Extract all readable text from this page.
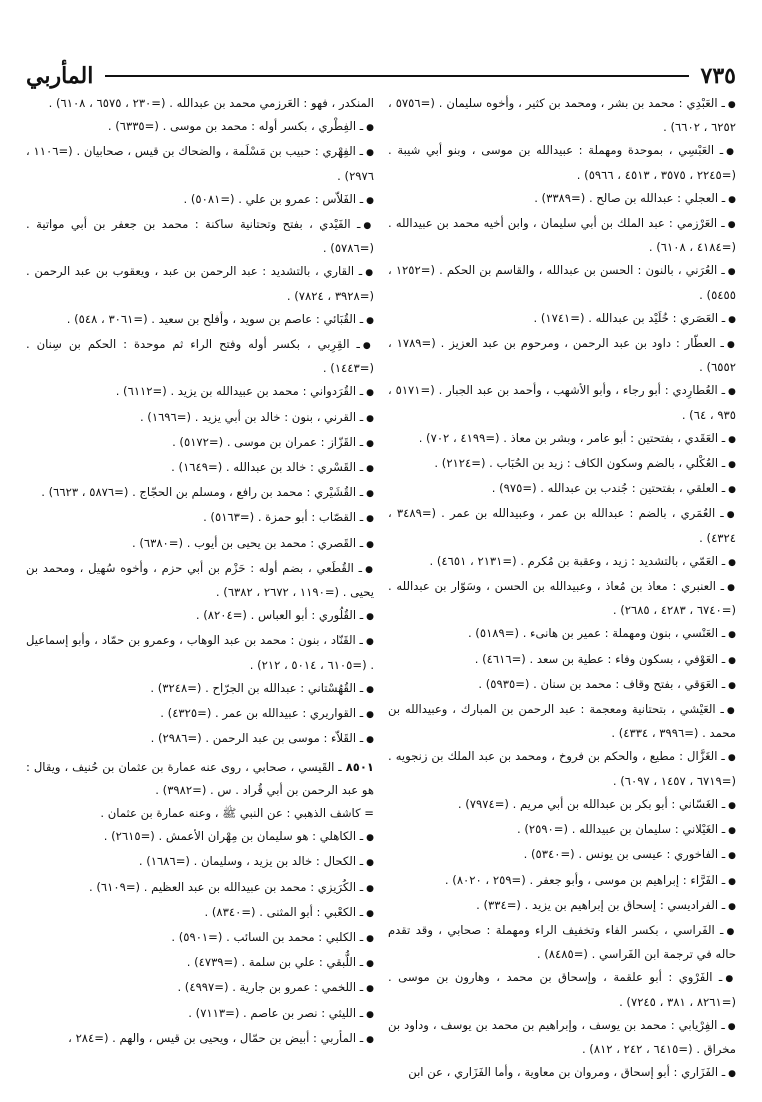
٧٣٥
المأربي
●ـ العَبْدِي : محمد بن بشر ، ومحمد بن كثير ، وأخوه سليمان . (=٥٧٥٦ ، ٦٢٥٢ ، ٦٦٠٢) .
●ـ العَبْسِي ، بموحدة ومهملة : عبيدالله بن موسى ، وبنو أبي شيبة . (=٢٢٤٥ ، ٣٥٧٥ ، ٤٥١٣ ، ٥٩٦٦) .
●ـ العجلي : عبدالله بن صالح . (=٣٣٨٩) .
●ـ العَرْزمي : عبد الملك بن أبي سليمان ، وابن أخيه محمد بن عبيدالله . (=٤١٨٤ ، ٦١٠٨) .
●ـ العُرَني ، بالنون : الحسن بن عبدالله ، والقاسم بن الحكم . (=١٢٥٢ ، ٥٤٥٥) .
●ـ العَصَري : خُلَيْد بن عبدالله . (=١٧٤١) .
●ـ العطّار : داود بن عبد الرحمن ، ومرحوم بن عبد العزيز . (=١٧٨٩ ، ٦٥٥٢) .
●ـ العُطارِدي : أبو رجاء ، وأبو الأشهب ، وأحمد بن عبد الجبار . (=٥١٧١ ، ٩٣٥ ، ٦٤) .
●ـ العَقَدي ، بفتحتين : أبو عامر ، وبشر بن معاذ . (=٤١٩٩ ، ٧٠٢) .
●ـ العُكْلي ، بالضم وسكون الكاف : زيد بن الحُبَاب . (=٢١٢٤) .
●ـ العلقي ، بفتحتين : جُندب بن عبدالله . (=٩٧٥) .
●ـ العُمَري ، بالضم : عبدالله بن عمر ، وعبيدالله بن عمر . (=٣٤٨٩ ، ٤٣٢٤) .
●ـ العَمّي ، بالتشديد : زيد ، وعقبة بن مُكرم . (=٢١٣١ ، ٤٦٥١) .
●ـ العنبري : معاذ بن مُعاذ ، وعبيدالله بن الحسن ، وسَوّار بن عبدالله . (=٦٧٤٠ ، ٤٢٨٣ ، ٢٦٨٥) .
●ـ العَنْسي ، بنون ومهملة : عمير بن هانىء . (=٥١٨٩) .
●ـ العَوْفي ، بسكون وفاء : عطية بن سعد . (=٤٦١٦) .
●ـ العَوَقي ، بفتح وقاف : محمد بن سنان . (=٥٩٣٥) .
●ـ العَيْشي ، بتحتانية ومعجمة : عبد الرحمن بن المبارك ، وعبيدالله بن محمد . (=٣٩٩٦ ، ٤٣٣٤) .
●ـ الغَزَّال : مطيع ، والحكم بن فروخ ، ومحمد بن عبد الملك بن زنجويه . (=٦٧١٩ ، ١٤٥٧ ، ٦٠٩٧) .
●ـ الغَسّاني : أبو بكر بن عبدالله بن أبي مريم . (=٧٩٧٤) .
●ـ الغَيْلاني : سليمان بن عبيدالله . (=٢٥٩٠) .
●ـ الفاخوري : عيسى بن يونس . (=٥٣٤٠) .
●ـ الفَرَّاء : إبراهيم بن موسى ، وأبو جعفر . (=٢٥٩ ، ٨٠٢٠) .
●ـ الفراديسي : إسحاق بن إبراهيم بن يزيد . (=٣٣٤) .
●ـ الفَراسي ، بكسر الفاء وتخفيف الراء ومهملة : صحابي ، وقد تقدم حاله في ترجمة ابن الفَراسي . (=٨٤٨٥) .
●ـ الفَرْوي : أبو علقمة ، وإسحاق بن محمد ، وهارون بن موسى . (=٨٢٦١ ، ٣٨١ ، ٧٢٤٥) .
●ـ الفِرْيابي : محمد بن يوسف ، وإبراهيم بن محمد بن يوسف ، وداود بن مخراق . (=٦٤١٥ ، ٢٤٢ ، ٨١٢) .
●ـ الفَزَاري : أبو إسحاق ، ومروان بن معاوية ، وأما الفَزَاري ، عن ابن
المنكدر ، فهو : العَرزمي محمد بن عبدالله . (=٢٣٠ ، ٦٥٧٥ ، ٦١٠٨) .
●ـ الفِطْري ، بكسر أوله : محمد بن موسى . (=٦٣٣٥) .
●ـ الفِهْري : حبيب بن مَسْلَمة ، والضحاك بن قيس ، صحابيان . (=١١٠٦ ، ٢٩٧٦) .
●ـ الفَلاّس : عمرو بن علي . (=٥٠٨١) .
●ـ الفَيْدي ، بفتح وتحتانية ساكنة : محمد بن جعفر بن أبي مواتية . (=٥٧٨٦) .
●ـ القاري ، بالتشديد : عبد الرحمن بن عبد ، ويعقوب بن عبد الرحمن . (=٣٩٢٨ ، ٧٨٢٤) .
●ـ القُبَائي : عاصم بن سويد ، وأفلح بن سعيد . (=٣٠٦١ ، ٥٤٨) .
●ـ القِرِبي ، بكسر أوله وفتح الراء ثم موحدة : الحكم بن سِنان . (=١٤٤٣) .
●ـ القُرَدواني : محمد بن عبيدالله بن يزيد . (=٦١١٢) .
●ـ القرني ، بنون : خالد بن أبي يزيد . (=١٦٩٦) .
●ـ القَزّاز : عمران بن موسى . (=٥١٧٢) .
●ـ القَسْري : خالد بن عبدالله . (=١٦٤٩) .
●ـ القُشَيْري : محمد بن رافع ، ومسلم بن الحجّاج . (=٥٨٧٦ ، ٦٦٢٣) .
●ـ القصّاب : أبو حمزة . (=٥١٦٣) .
●ـ القَصري : محمد بن يحيى بن أيوب . (=٦٣٨٠) .
●ـ القُطَعي ، بضم أوله : حَزْم بن أبي حزم ، وأخوه سُهيل ، ومحمد بن يحيى . (=١١٩٠ ، ٢٦٧٢ ، ٦٣٨٢) .
●ـ القُلُوري : أبو العباس . (=٨٢٠٤) .
●ـ القَنّاد ، بنون : محمد بن عبد الوهاب ، وعمرو بن حمّاد ، وأبو إسماعيل . (=٦١٠٥ ، ٥٠١٤ ، ٢١٢) .
●ـ القُهُسْتاني : عبدالله بن الجرّاح . (=٣٢٤٨) .
●ـ القواريري : عبيدالله بن عمر . (=٤٣٢٥) .
●ـ القَلاّء : موسى بن عبد الرحمن . (=٢٩٨٦) .
٨٥٠١ـ القَيسي ، صحابي ، روى عنه عمارة بن عثمان بن حُنيف ، ويقال : هو عبد الرحمن بن أبي قُراد . س . (=٣٩٨٢) .
= كاشف الذهبي : عن النبي ﷺ ، وعنه عمارة بن عثمان .
●ـ الكاهلي : هو سليمان بن مِهْران الأعمش . (=٢٦١٥) .
●ـ الكحال : خالد بن يزيد ، وسليمان . (=١٦٨٦) .
●ـ الكُرَيزي : محمد بن عبيدالله بن عبد العظيم . (=٦١٠٩) .
●ـ الكعْبي : أبو المثنى . (=٨٣٤٠) .
●ـ الكلبي : محمد بن السائب . (=٥٩٠١) .
●ـ اللُّبقي : علي بن سلمة . (=٤٧٣٩) .
●ـ اللخمي : عمرو بن جارية . (=٤٩٩٧) .
●ـ الليثي : نصر بن عاصم . (=٧١١٣) .
●ـ المأربي : أبيض بن حمّال ، ويحيى بن قيس ، والهم . (=٢٨٤ ،
